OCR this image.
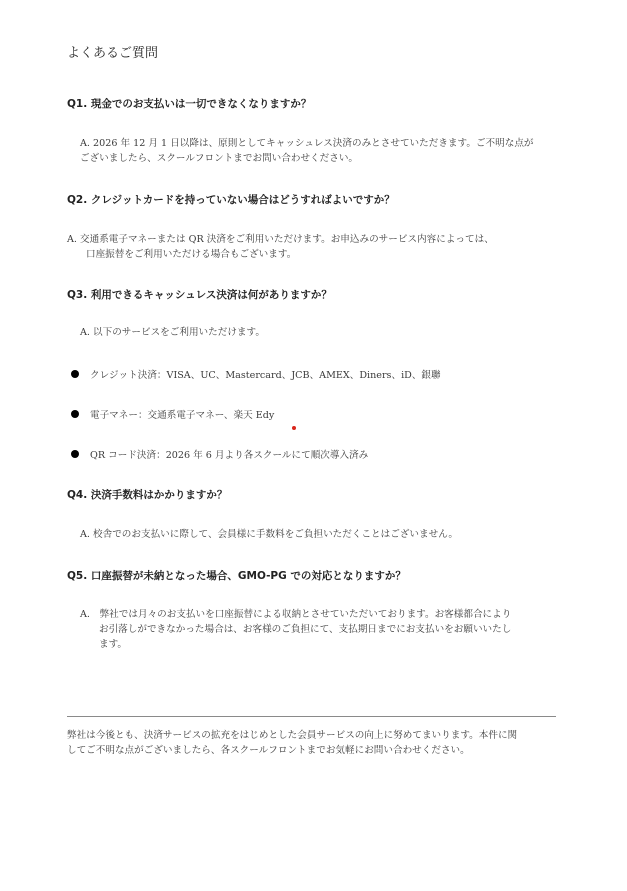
よくあるご質問
Q1. 現金でのお支払いは一切できなくなりますか？
A. 2026 年 12 月 1 日以降は、原則としてキャッシュレス決済のみとさせていただきます。ご不明な点が
ございましたら、スクールフロントまでお問い合わせください。
Q2. クレジットカードを持っていない場合はどうすればよいですか？
A. 交通系電子マネーまたは QR 決済をご利用いただけます。お申込みのサービス内容によっては、
口座振替をご利用いただける場合もございます。
Q3. 利用できるキャッシュレス決済は何がありますか？
A. 以下のサービスをご利用いただけます。
クレジット決済：VISA、UC、Mastercard、JCB、AMEX、Diners、iD、銀聯
電子マネー：交通系電子マネー、楽天 Edy
QR コード決済：2026 年 6 月より各スクールにて順次導入済み
Q4. 決済手数料はかかりますか？
A. 校舎でのお支払いに際して、会員様に手数料をご負担いただくことはございません。
Q5. 口座振替が未納となった場合、GMO-PG での対応となりますか？
A.　弊社では月々のお支払いを口座振替による収納とさせていただいております。お客様都合により
お引落しができなかった場合は、お客様のご負担にて、支払期日までにお支払いをお願いいたし
ます。
弊社は今後とも、決済サービスの拡充をはじめとした会員サービスの向上に努めてまいります。本件に関
してご不明な点がございましたら、各スクールフロントまでお気軽にお問い合わせください。
